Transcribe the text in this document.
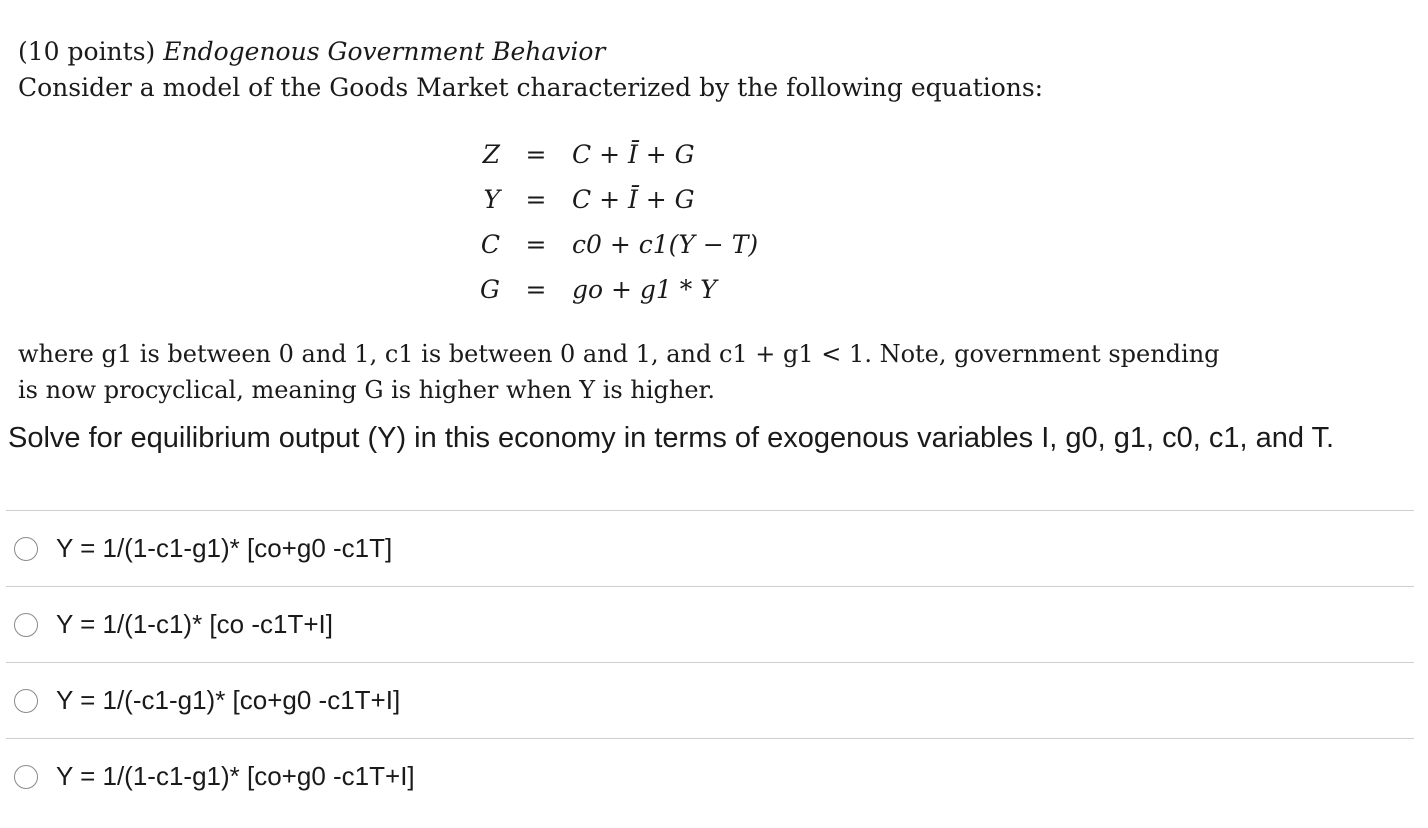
(10 points) Endogenous Government Behavior
Consider a model of the Goods Market characterized by the following equations:
Z	=	C + Ī + G
Y	=	C + Ī + G
C	=	c0 + c1(Y − T)
G	=	go + g1 * Y
where g1 is between 0 and 1, c1 is between 0 and 1, and c1 + g1 < 1. Note, government spending
is now procyclical, meaning G is higher when Y is higher.
Solve for equilibrium output (Y) in this economy in terms of exogenous variables I, g0, g1, c0, c1, and T.
Y = 1/(1-c1-g1)* [co+g0 -c1T]
Y = 1/(1-c1)* [co -c1T+I]
Y = 1/(-c1-g1)* [co+g0 -c1T+I]
Y = 1/(1-c1-g1)* [co+g0 -c1T+I]
